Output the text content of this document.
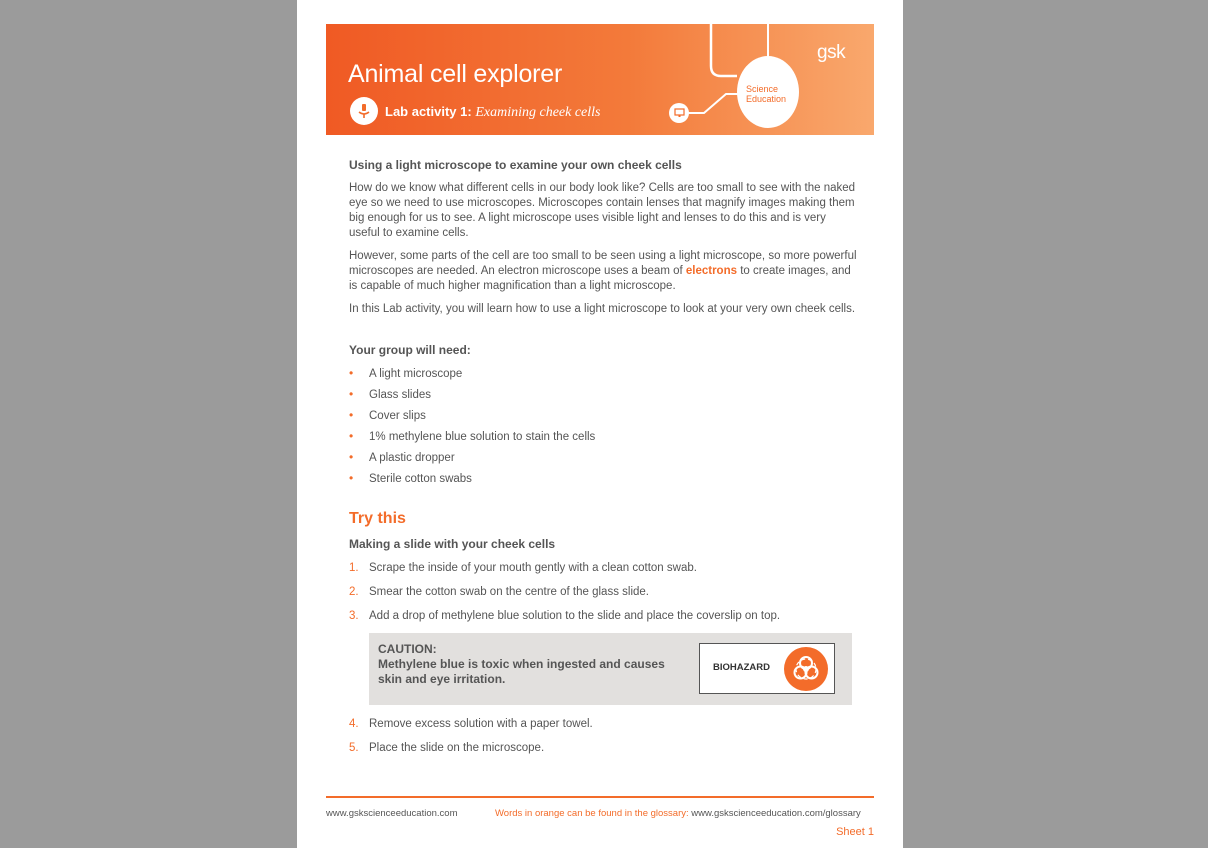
Animal cell explorer
Lab activity 1: Examining cheek cells
Science
Education
gsk
Using a light microscope to examine your own cheek cells

How do we know what different cells in our body look like? Cells are too small to see with the naked eye so we need to use microscopes. Microscopes contain lenses that magnify images making them big enough for us to see. A light microscope uses visible light and lenses to do this and is very useful to examine cells.

However, some parts of the cell are too small to be seen using a light microscope, so more powerful microscopes are needed. An electron microscope uses a beam of electrons to create images, and is capable of much higher magnification than a light microscope.

In this Lab activity, you will learn how to use a light microscope to look at your very own cheek cells.

Your group will need:
• A light microscope
• Glass slides
• Cover slips
• 1% methylene blue solution to stain the cells
• A plastic dropper
• Sterile cotton swabs
Try this
Making a slide with your cheek cells
1. Scrape the inside of your mouth gently with a clean cotton swab.
2. Smear the cotton swab on the centre of the glass slide.
3. Add a drop of methylene blue solution to the slide and place the coverslip on top.
CAUTION:
Methylene blue is toxic when ingested and causes skin and eye irritation.
BIOHAZARD
4. Remove excess solution with a paper towel.
5. Place the slide on the microscope.
www.gskscienceeducation.com	Words in orange can be found in the glossary: www.gskscienceeducation.com/glossary
Sheet 1
